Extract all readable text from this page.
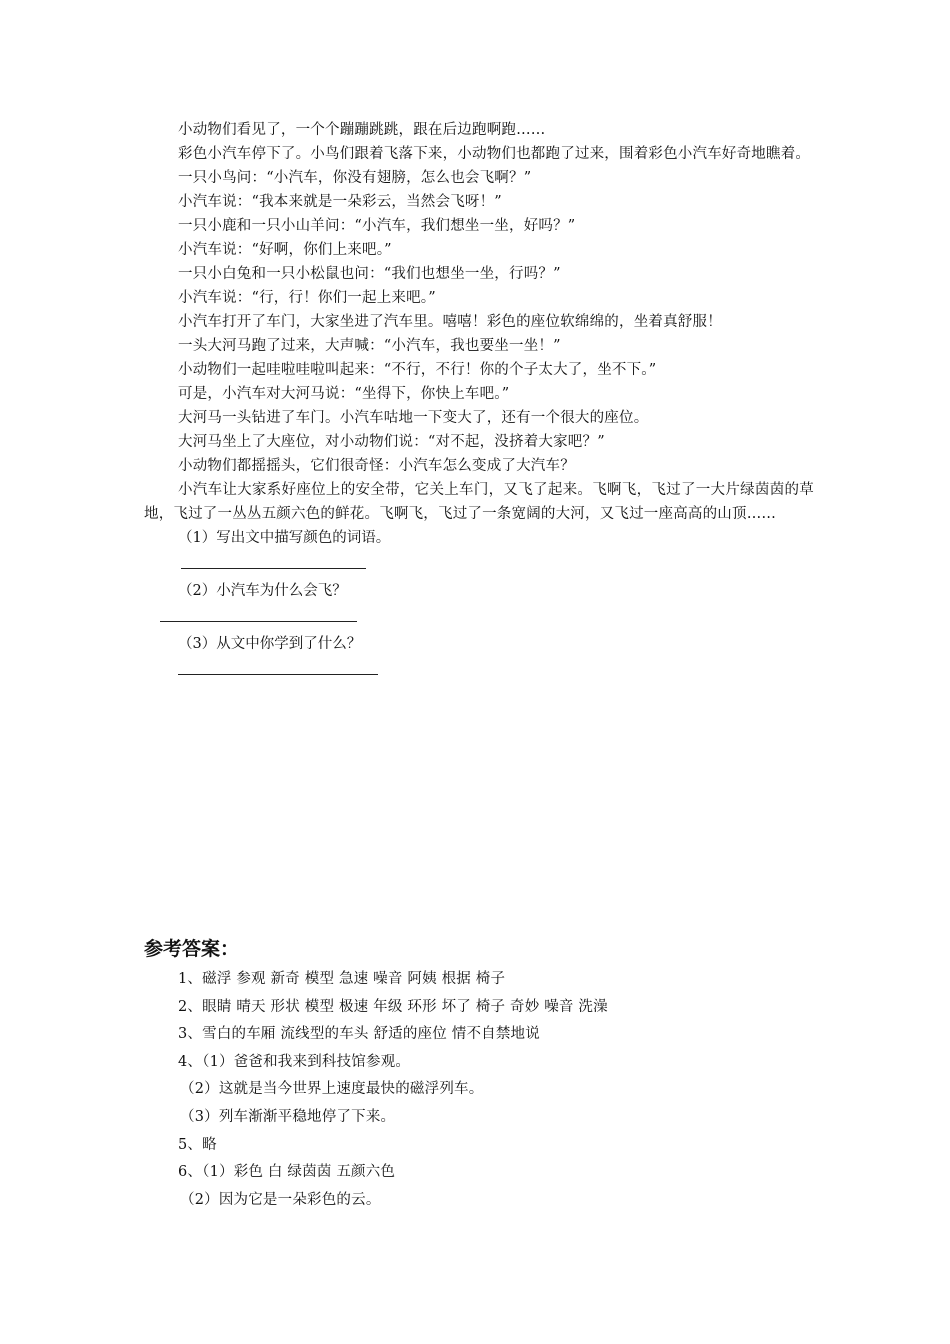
小动物们看见了，一个个蹦蹦跳跳，跟在后边跑啊跑……

彩色小汽车停下了。小鸟们跟着飞落下来，小动物们也都跑了过来，围着彩色小汽车好奇地瞧着。

一只小鸟问：“小汽车，你没有翅膀，怎么也会飞啊？”

小汽车说：“我本来就是一朵彩云，当然会飞呀！”

一只小鹿和一只小山羊问：“小汽车，我们想坐一坐，好吗？”

小汽车说：“好啊，你们上来吧。”

一只小白兔和一只小松鼠也问：“我们也想坐一坐，行吗？”

小汽车说：“行，行！你们一起上来吧。”

小汽车打开了车门，大家坐进了汽车里。嘻嘻！彩色的座位软绵绵的，坐着真舒服！

一头大河马跑了过来，大声喊：“小汽车，我也要坐一坐！”

小动物们一起哇啦哇啦叫起来：“不行，不行！你的个子太大了，坐不下。”

可是，小汽车对大河马说：“坐得下，你快上车吧。”

大河马一头钻进了车门。小汽车咕地一下变大了，还有一个很大的座位。

大河马坐上了大座位，对小动物们说：“对不起，没挤着大家吧？”

小动物们都摇摇头，它们很奇怪：小汽车怎么变成了大汽车？

小汽车让大家系好座位上的安全带，它关上车门，又飞了起来。飞啊飞，飞过了一大片绿茵茵的草地，飞过了一丛丛五颜六色的鲜花。飞啊飞，飞过了一条宽阔的大河，又飞过一座高高的山顶……

（1）写出文中描写颜色的词语。

（2）小汽车为什么会飞？

（3）从文中你学到了什么？

参考答案：

1、磁浮 参观 新奇 模型 急速 噪音 阿姨 根据 椅子

2、眼睛 晴天 形状 模型 极速 年级 环形 坏了 椅子 奇妙 噪音 洗澡

3、雪白的车厢 流线型的车头 舒适的座位 情不自禁地说

4、（1）爸爸和我来到科技馆参观。

（2）这就是当今世界上速度最快的磁浮列车。

（3）列车渐渐平稳地停了下来。

5、略

6、（1）彩色 白 绿茵茵 五颜六色

（2）因为它是一朵彩色的云。
